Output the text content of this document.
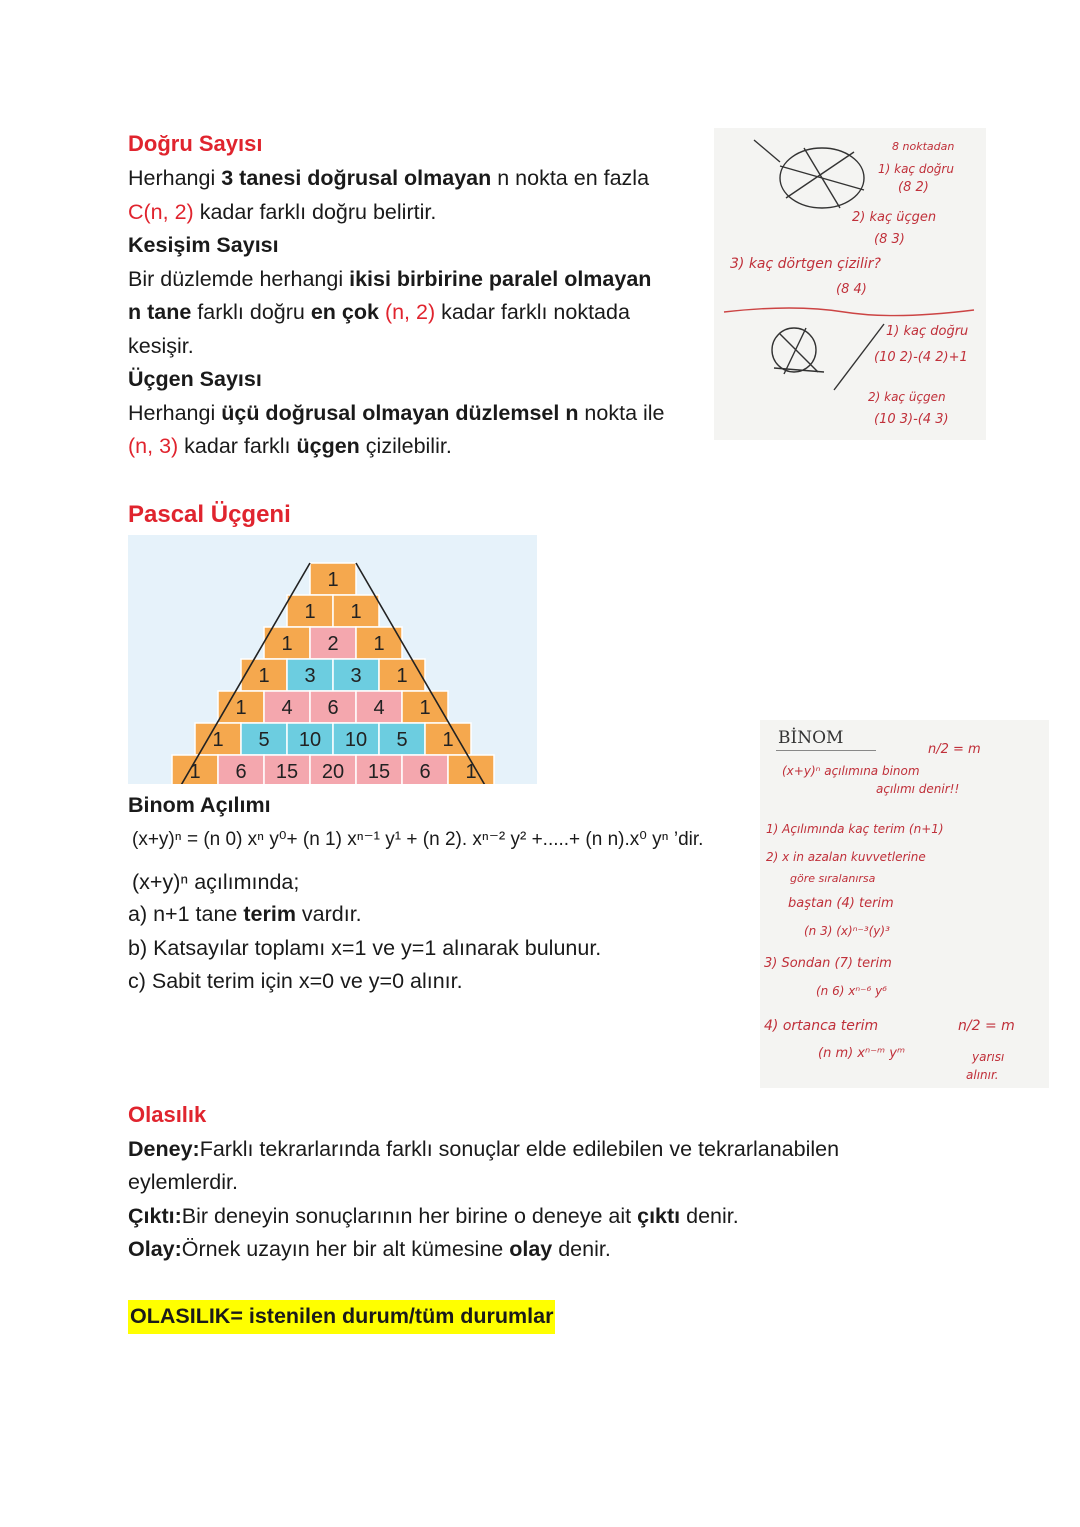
Doğru Sayısı
Herhangi 3 tanesi doğrusal olmayan n nokta en fazla
C(n, 2) kadar farklı doğru belirtir.
Kesişim Sayısı
Bir düzlemde herhangi ikisi birbirine paralel olmayan
n tane farklı doğru en çok (n, 2) kadar farklı noktada
kesişir.
Üçgen Sayısı
Herhangi üçü doğrusal olmayan düzlemsel n nokta ile
(n, 3) kadar farklı üçgen çizilebilir.
8 noktadan
1) kaç doğru
(8 2)
2) kaç üçgen
(8 3)
3) kaç dörtgen çizilir?
(8 4)
1) kaç doğru
(10 2)-(4 2)+1
2) kaç üçgen
(10 3)-(4 3)
Pascal Üçgeni
1
1 1
1 2 1
1 3 3 1
1 4 6 4 1
1 5 10 10 5 1
1 6 15 20 15 6 1
Binom Açılımı
(x+y)ⁿ = (n 0) xⁿ y⁰+ (n 1) xⁿ⁻¹ y¹ + (n 2). xⁿ⁻² y² +.....+ (n n).x⁰ yⁿ ’dir.
(x+y)ⁿ açılımında;
a) n+1 tane terim vardır.
b) Katsayılar toplamı x=1 ve y=1 alınarak bulunur.
c) Sabit terim için x=0 ve y=0 alınır.
BİNOM
n/2 = m
(x+y)ⁿ açılımına binom
açılımı denir!!
1) Açılımında kaç terim (n+1)
2) x in azalan kuvvetlerine
göre sıralanırsa
baştan (4) terim
(n 3) (x)ⁿ⁻³(y)³
3) Sondan (7) terim
(n 6) xⁿ⁻⁶ y⁶
4) ortanca terim	n/2 = m
(n m) xⁿ⁻ᵐ yᵐ	yarısı
alınır.
Olasılık
Deney:Farklı tekrarlarında farklı sonuçlar elde edilebilen ve tekrarlanabilen
eylemlerdir.
Çıktı:Bir deneyin sonuçlarının her birine o deneye ait çıktı denir.
Olay:Örnek uzayın her bir alt kümesine olay denir.
OLASILIK= istenilen durum/tüm durumlar
